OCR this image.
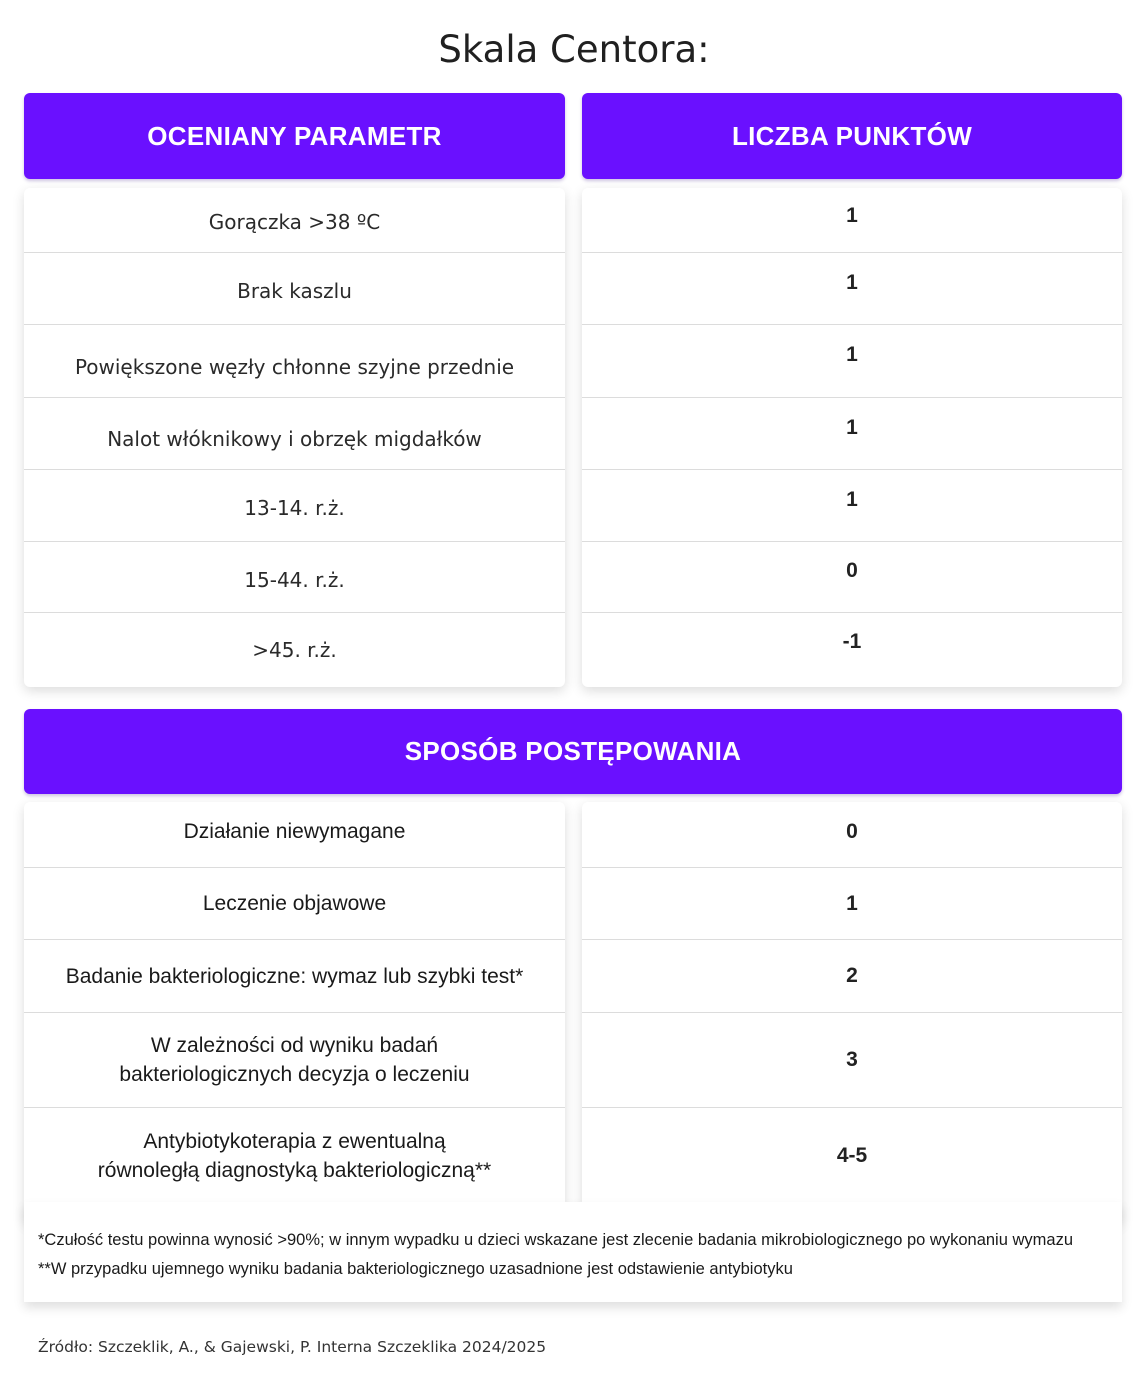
Skala Centora:
OCENIANY PARAMETR	LICZBA PUNKTÓW
Gorączka >38 ºC
Brak kaszlu
Powiększone węzły chłonne szyjne przednie
Nalot włóknikowy i obrzęk migdałków
13-14. r.ż.
15-44. r.ż.
>45. r.ż.
1
1
1
1
1
0
-1
SPOSÓB POSTĘPOWANIA
Działanie niewymagane
Leczenie objawowe
Badanie bakteriologiczne: wymaz lub szybki test*
W zależności od wyniku badań
bakteriologicznych decyzja o leczeniu
Antybiotykoterapia z ewentualną
równoległą diagnostyką bakteriologiczną**
0
1
2
3
4-5
*Czułość testu powinna wynosić >90%; w innym wypadku u dzieci wskazane jest zlecenie badania mikrobiologicznego po wykonaniu wymazu
**W przypadku ujemnego wyniku badania bakteriologicznego uzasadnione jest odstawienie antybiotyku
Źródło: Szczeklik, A., & Gajewski, P. Interna Szczeklika 2024/2025
